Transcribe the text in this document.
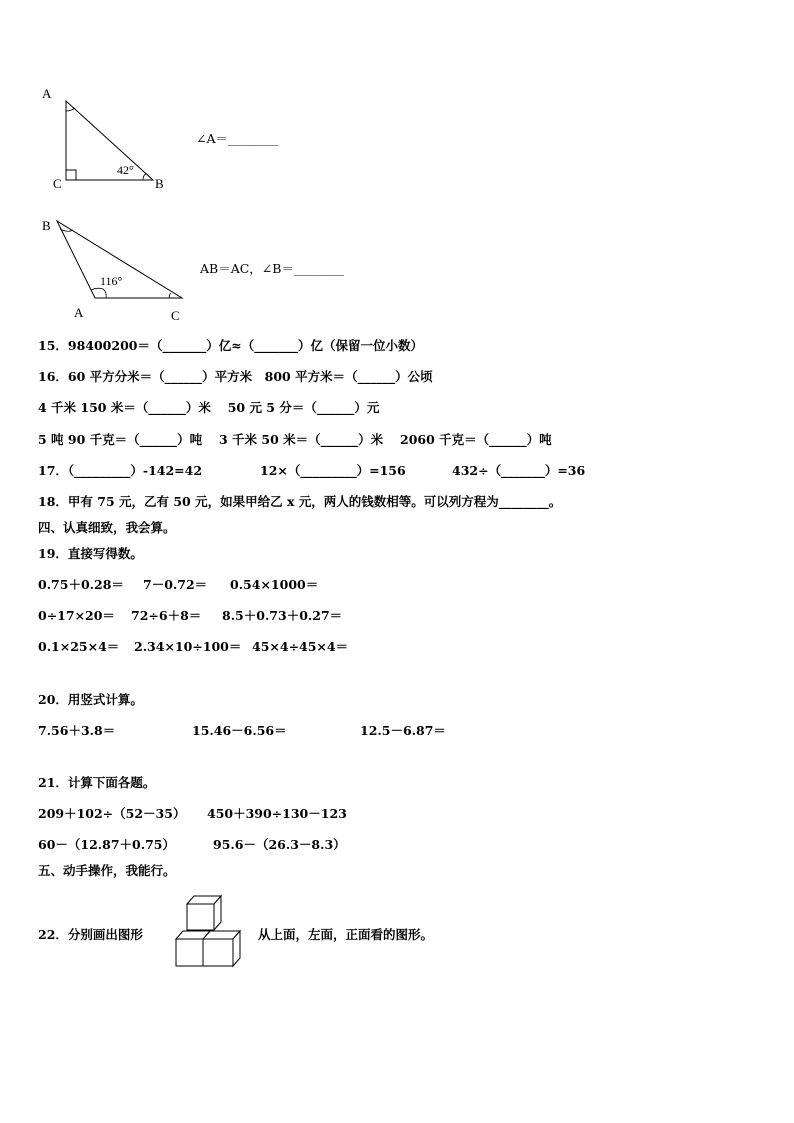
A
C	B
42°
∠A＝________
B
A	C
116°
AB＝AC，∠B＝________
15．98400200＝（_______）亿≈（_______）亿（保留一位小数）
16．60 平方分米＝（______）平方米　800 平方米＝（______）公顷
4 千米 150 米＝（______）米　 50 元 5 分＝（______）元
5 吨 90 千克＝（______）吨　 3 千米 50 米＝（______）米　 2060 千克＝（______）吨
17．（_________）-142=42	12×（_________）=156	432÷（_______）=36
18．甲有 75 元，乙有 50 元，如果甲给乙 x 元，两人的钱数相等。可以列方程为________。
四、认真细致，我会算。
19．直接写得数。
0.75＋0.28＝ 7－0.72＝ 0.54×1000＝
0÷17×20＝ 72÷6＋8＝ 8.5＋0.73＋0.27＝
0.1×25×4＝ 2.34×10÷100＝ 45×4÷45×4＝
20．用竖式计算。
7.56＋3.8＝	15.46－6.56＝	12.5－6.87＝
21．计算下面各题。
209＋102÷（52－35） 450＋390÷130－123
60－（12.87＋0.75）	95.6－（26.3－8.3）
五、动手操作，我能行。
22．分别画出图形	从上面，左面，正面看的图形。
